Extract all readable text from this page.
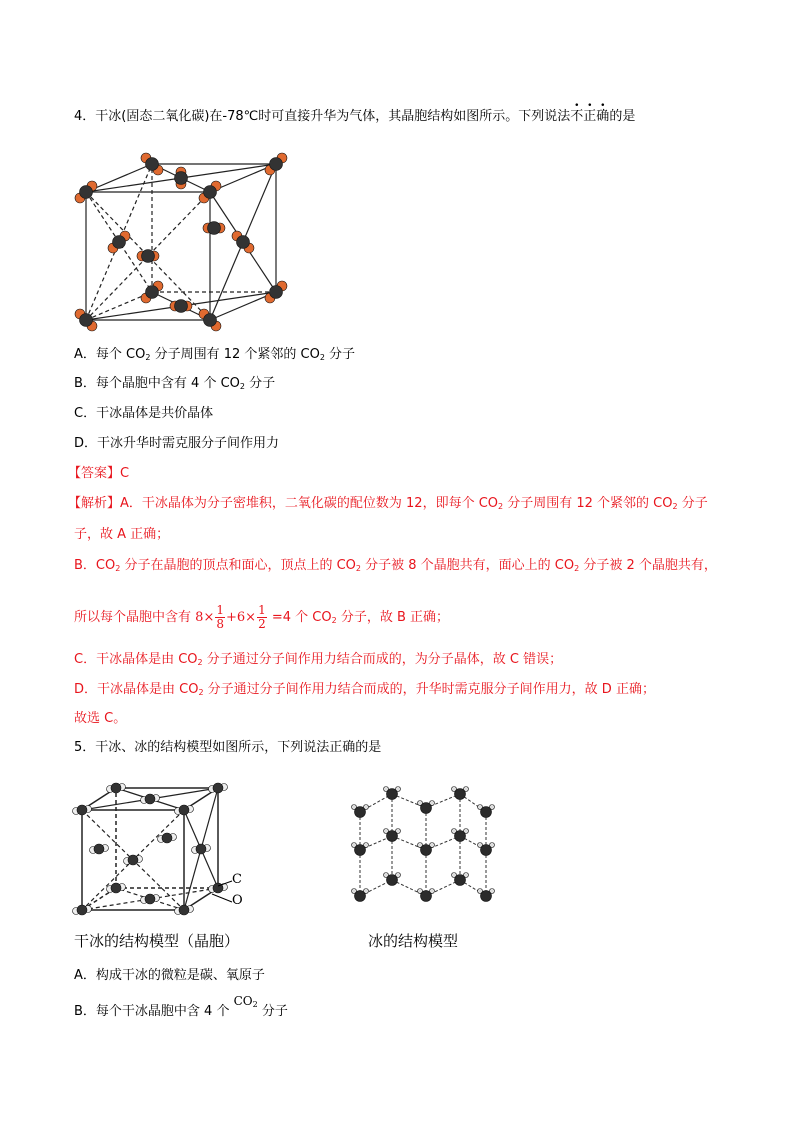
4．干冰(固态二氧化碳)在-78℃时可直接升华为气体，其晶胞结构如图所示。下列说法不正确的是
A．每个 $CO_2$ 分子周围有 12 个紧邻的 $CO_2$ 分子
B．每个晶胞中含有 4 个 $CO_2$ 分子
C．干冰晶体是共价晶体
D．干冰升华时需克服分子间作用力
【答案】C
【解析】A．干冰晶体为分子密堆积，二氧化碳的配位数为 12，即每个 $CO_2$ 分子周围有 12 个紧邻的 $CO_2$ 分子
子，故 A 正确；
B．$CO_2$ 分子在晶胞的顶点和面心，顶点上的 $CO_2$ 分子被 8 个晶胞共有，面心上的 $CO_2$ 分子被 2 个晶胞共有，
所以每个晶胞中含有 $8\times \frac{1}{8} +6\times \frac{1}{2} =4$ 个 $CO_2$ 分子，故 B 正确；
C．干冰晶体是由 $CO_2$ 分子通过分子间作用力结合而成的，为分子晶体，故 C 错误；
D．干冰晶体是由 $CO_2$ 分子通过分子间作用力结合而成的，升华时需克服分子间作用力，故 D 正确；
故选 C。
5．干冰、冰的结构模型如图所示，下列说法正确的是
C
O
干冰的结构模型（晶胞）	冰的结构模型
A．构成干冰的微粒是碳、氧原子
B．每个干冰晶胞中含 4 个 $CO_2$ 分子
